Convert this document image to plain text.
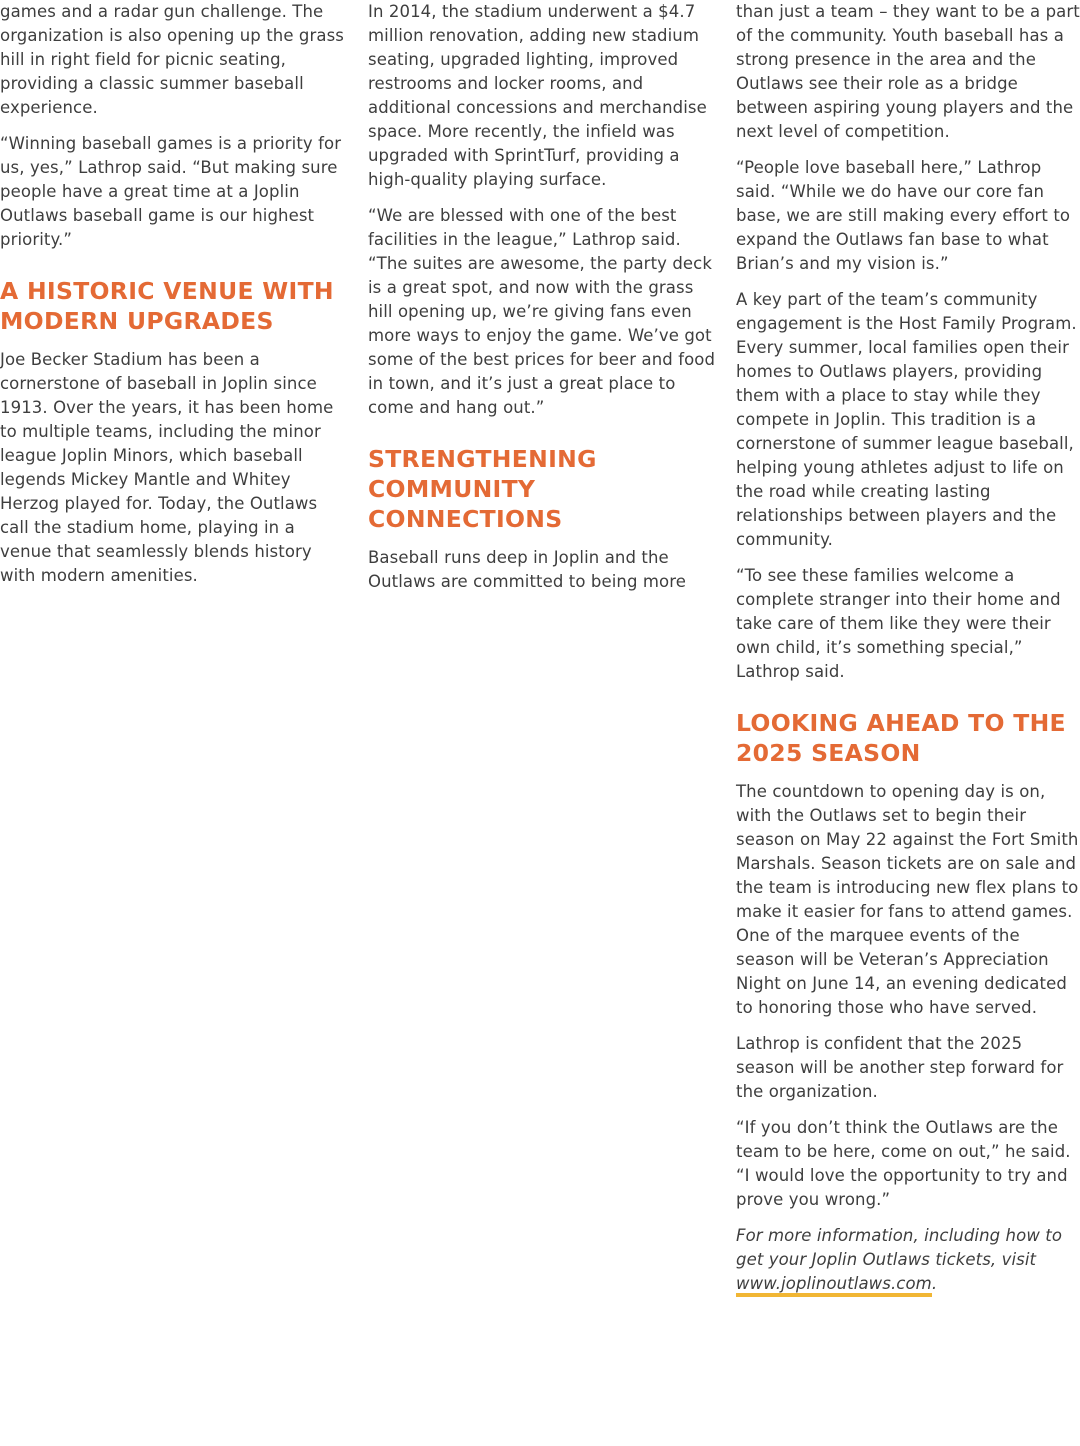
games and a radar gun challenge. The organization is also opening up the grass hill in right field for picnic seating, providing a classic summer baseball experience.

“Winning baseball games is a priority for us, yes,” Lathrop said. “But making sure people have a great time at a Joplin Outlaws baseball game is our highest priority.”

A HISTORIC VENUE WITH MODERN UPGRADES

Joe Becker Stadium has been a cornerstone of baseball in Joplin since 1913. Over the years, it has been home to multiple teams, including the minor league Joplin Minors, which baseball legends Mickey Mantle and Whitey Herzog played for. Today, the Outlaws call the stadium home, playing in a venue that seamlessly blends history with modern amenities.

In 2014, the stadium underwent a $4.7 million renovation, adding new stadium seating, upgraded lighting, improved restrooms and locker rooms, and additional concessions and merchandise space. More recently, the infield was upgraded with SprintTurf, providing a high-quality playing surface.

“We are blessed with one of the best facilities in the league,” Lathrop said. “The suites are awesome, the party deck is a great spot, and now with the grass hill opening up, we’re giving fans even more ways to enjoy the game. We’ve got some of the best prices for beer and food in town, and it’s just a great place to come and hang out.”

STRENGTHENING COMMUNITY CONNECTIONS

Baseball runs deep in Joplin and the Outlaws are committed to being more

than just a team – they want to be a part of the community. Youth baseball has a strong presence in the area and the Outlaws see their role as a bridge between aspiring young players and the next level of competition.

“People love baseball here,” Lathrop said. “While we do have our core fan base, we are still making every effort to expand the Outlaws fan base to what Brian’s and my vision is.”

A key part of the team’s community engagement is the Host Family Program. Every summer, local families open their homes to Outlaws players, providing them with a place to stay while they compete in Joplin. This tradition is a cornerstone of summer league baseball, helping young athletes adjust to life on the road while creating lasting relationships between players and the community.

“To see these families welcome a complete stranger into their home and take care of them like they were their own child, it’s something special,” Lathrop said.

LOOKING AHEAD TO THE 2025 SEASON

The countdown to opening day is on, with the Outlaws set to begin their season on May 22 against the Fort Smith Marshals. Season tickets are on sale and the team is introducing new flex plans to make it easier for fans to attend games. One of the marquee events of the season will be Veteran’s Appreciation Night on June 14, an evening dedicated to honoring those who have served.

Lathrop is confident that the 2025 season will be another step forward for the organization.

“If you don’t think the Outlaws are the team to be here, come on out,” he said. “I would love the opportunity to try and prove you wrong.”

For more information, including how to get your Joplin Outlaws tickets, visit www.joplinoutlaws.com.
